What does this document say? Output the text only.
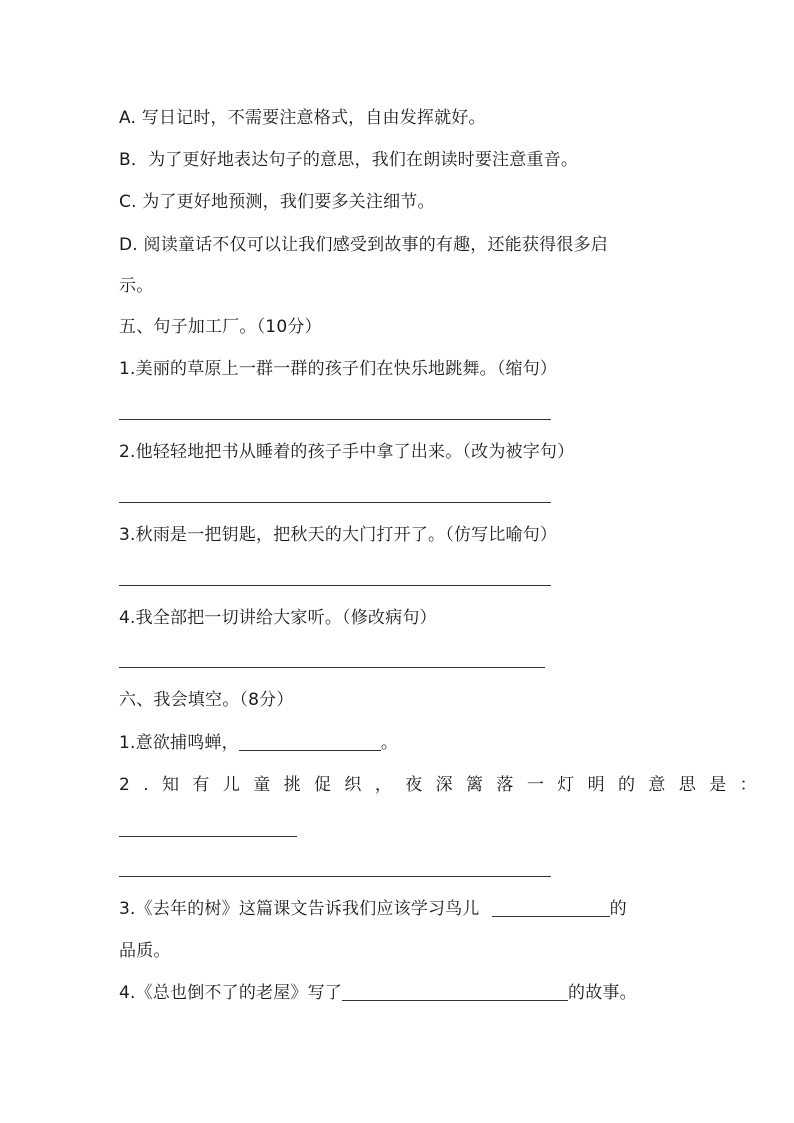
A. 写日记时，不需要注意格式，自由发挥就好。
B．为了更好地表达句子的意思，我们在朗读时要注意重音。
C. 为了更好地预测，我们要多关注细节。
D. 阅读童话不仅可以让我们感受到故事的有趣，还能获得很多启
示。
五、句子加工厂。（10分）
1.美丽的草原上一群一群的孩子们在快乐地跳舞。（缩句）
2.他轻轻地把书从睡着的孩子手中拿了出来。（改为被字句）
3.秋雨是一把钥匙，把秋天的大门打开了。（仿写比喻句）
4.我全部把一切讲给大家听。（修改病句）
六、我会填空。（8分）
1.意欲捕鸣蝉，	。
2.知有儿童挑促织，夜深篱落一灯明的意思是：
3.《去年的树》这篇课文告诉我们应该学习鸟儿	的
品质。
4.《总也倒不了的老屋》写了	的故事。
